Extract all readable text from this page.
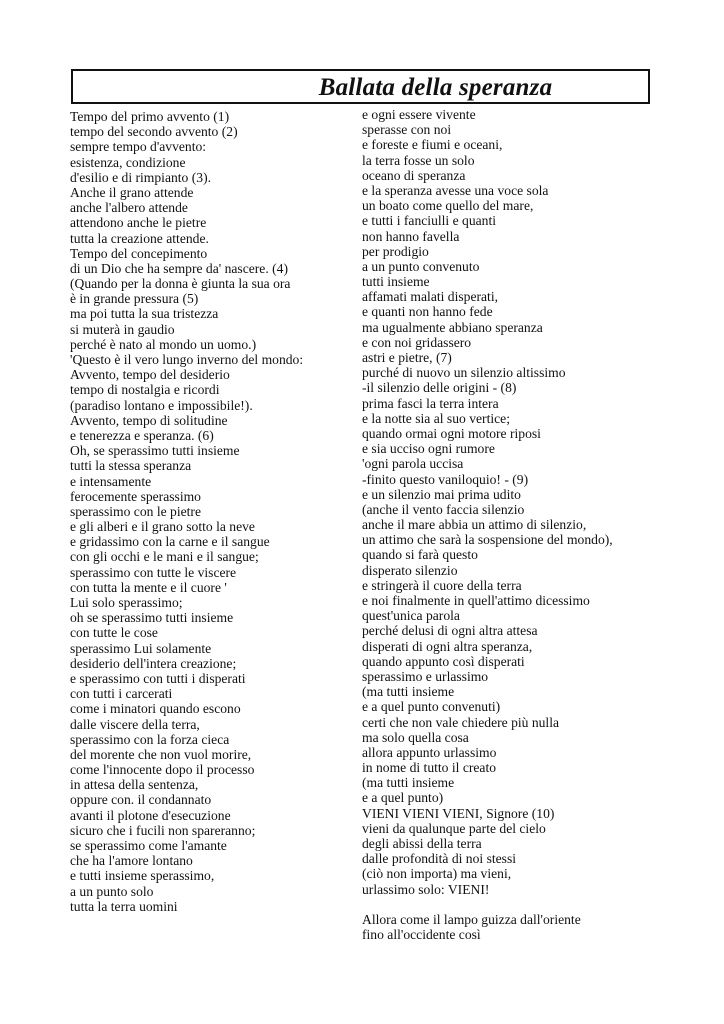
Ballata della speranza
Tempo del primo avvento (1)
tempo del secondo avvento (2)
sempre tempo d'avvento:
esistenza, condizione
d'esilio e di rimpianto (3).
Anche il grano attende
anche l'albero attende
attendono anche le pietre
tutta la creazione attende.
Tempo del concepimento
di un Dio che ha sempre da' nascere. (4)
(Quando per la donna è giunta la sua ora
è in grande pressura (5)
ma poi tutta la sua tristezza
si muterà in gaudio
perché è nato al mondo un uomo.)
'Questo è il vero lungo inverno del mondo:
Avvento, tempo del desiderio
tempo di nostalgia e ricordi
(paradiso lontano e impossibile!).
Avvento, tempo di solitudine
e tenerezza e speranza. (6)
Oh, se sperassimo tutti insieme
tutti la stessa speranza
e intensamente
ferocemente sperassimo
sperassimo con le pietre
e gli alberi e il grano sotto la neve
e gridassimo con la carne e il sangue
con gli occhi e le mani e il sangue;
sperassimo con tutte le viscere
con tutta la mente e il cuore '
Lui solo sperassimo;
oh se sperassimo tutti insieme
con tutte le cose
sperassimo Lui solamente
desiderio dell'intera creazione;
e sperassimo con tutti i disperati
con tutti i carcerati
come i minatori quando escono
dalle viscere della terra,
sperassimo con la forza cieca
del morente che non vuol morire,
come l'innocente dopo il processo
in attesa della sentenza,
oppure con. il condannato
avanti il plotone d'esecuzione
sicuro che i fucili non spareranno;
se sperassimo come l'amante
che ha l'amore lontano
e tutti insieme sperassimo,
a un punto solo
tutta la terra uomini
e ogni essere vivente
sperasse con noi
e foreste e fiumi e oceani,
la terra fosse un solo
oceano di speranza
e la speranza avesse una voce sola
un boato come quello del mare,
e tutti i fanciulli e quanti
non hanno favella
per prodigio
a un punto convenuto
tutti insieme
affamati malati disperati,
e quanti non hanno fede
ma ugualmente abbiano speranza
e con noi gridassero
astri e pietre, (7)
purché di nuovo un silenzio altissimo
-il silenzio delle origini - (8)
prima fasci la terra intera
e la notte sia al suo vertice;
quando ormai ogni motore riposi
e sia ucciso ogni rumore
'ogni parola uccisa
-finito questo vaniloquio! - (9)
e un silenzio mai prima udito
(anche il vento faccia silenzio
anche il mare abbia un attimo di silenzio,
un attimo che sarà la sospensione del mondo),
quando si farà questo
disperato silenzio
e stringerà il cuore della terra
e noi finalmente in quell'attimo dicessimo
quest'unica parola
perché delusi di ogni altra attesa
disperati di ogni altra speranza,
quando appunto così disperati
sperassimo e urlassimo
(ma tutti insieme
e a quel punto convenuti)
certi che non vale chiedere più nulla
ma solo quella cosa
allora appunto urlassimo
in nome di tutto il creato
(ma tutti insieme
e a quel punto)
VIENI VIENI VIENI, Signore (10)
vieni da qualunque parte del cielo
degli abissi della terra
dalle profondità di noi stessi
(ciò non importa) ma vieni,
urlassimo solo: VIENI!
Allora come il lampo guizza dall'oriente
fino all'occidente così
